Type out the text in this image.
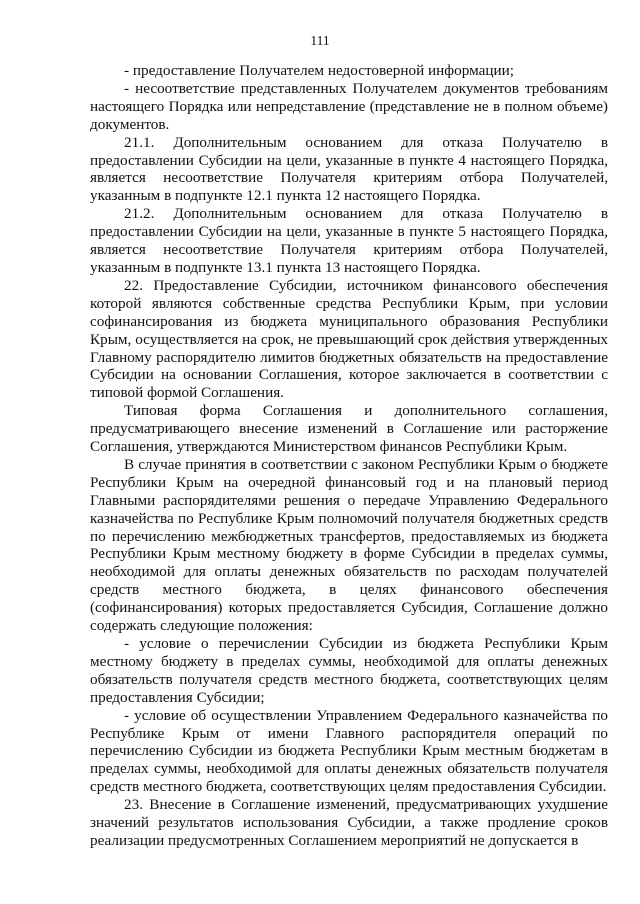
111

- предоставление Получателем недостоверной информации;

- несоответствие представленных Получателем документов требованиям настоящего Порядка или непредставление (представление не в полном объеме) документов.

21.1. Дополнительным основанием для отказа Получателю в предоставлении Субсидии на цели, указанные в пункте 4 настоящего Порядка, является несоответствие Получателя критериям отбора Получателей, указанным в подпункте 12.1 пункта 12 настоящего Порядка.

21.2. Дополнительным основанием для отказа Получателю в предоставлении Субсидии на цели, указанные в пункте 5 настоящего Порядка, является несоответствие Получателя критериям отбора Получателей, указанным в подпункте 13.1 пункта 13 настоящего Порядка.

22. Предоставление Субсидии, источником финансового обеспечения которой являются собственные средства Республики Крым, при условии софинансирования из бюджета муниципального образования Республики Крым, осуществляется на срок, не превышающий срок действия утвержденных Главному распорядителю лимитов бюджетных обязательств на предоставление Субсидии на основании Соглашения, которое заключается в соответствии с типовой формой Соглашения.

Типовая форма Соглашения и дополнительного соглашения, предусматривающего внесение изменений в Соглашение или расторжение Соглашения, утверждаются Министерством финансов Республики Крым.

В случае принятия в соответствии с законом Республики Крым о бюджете Республики Крым на очередной финансовый год и на плановый период Главными распорядителями решения о передаче Управлению Федерального казначейства по Республике Крым полномочий получателя бюджетных средств по перечислению межбюджетных трансфертов, предоставляемых из бюджета Республики Крым местному бюджету в форме Субсидии в пределах суммы, необходимой для оплаты денежных обязательств по расходам получателей средств местного бюджета, в целях финансового обеспечения (софинансирования) которых предоставляется Субсидия, Соглашение должно содержать следующие положения:

- условие о перечислении Субсидии из бюджета Республики Крым местному бюджету в пределах суммы, необходимой для оплаты денежных обязательств получателя средств местного бюджета, соответствующих целям предоставления Субсидии;

- условие об осуществлении Управлением Федерального казначейства по Республике Крым от имени Главного распорядителя операций по перечислению Субсидии из бюджета Республики Крым местным бюджетам в пределах суммы, необходимой для оплаты денежных обязательств получателя средств местного бюджета, соответствующих целям предоставления Субсидии.

23. Внесение в Соглашение изменений, предусматривающих ухудшение значений результатов использования Субсидии, а также продление сроков реализации предусмотренных Соглашением мероприятий не допускается в
